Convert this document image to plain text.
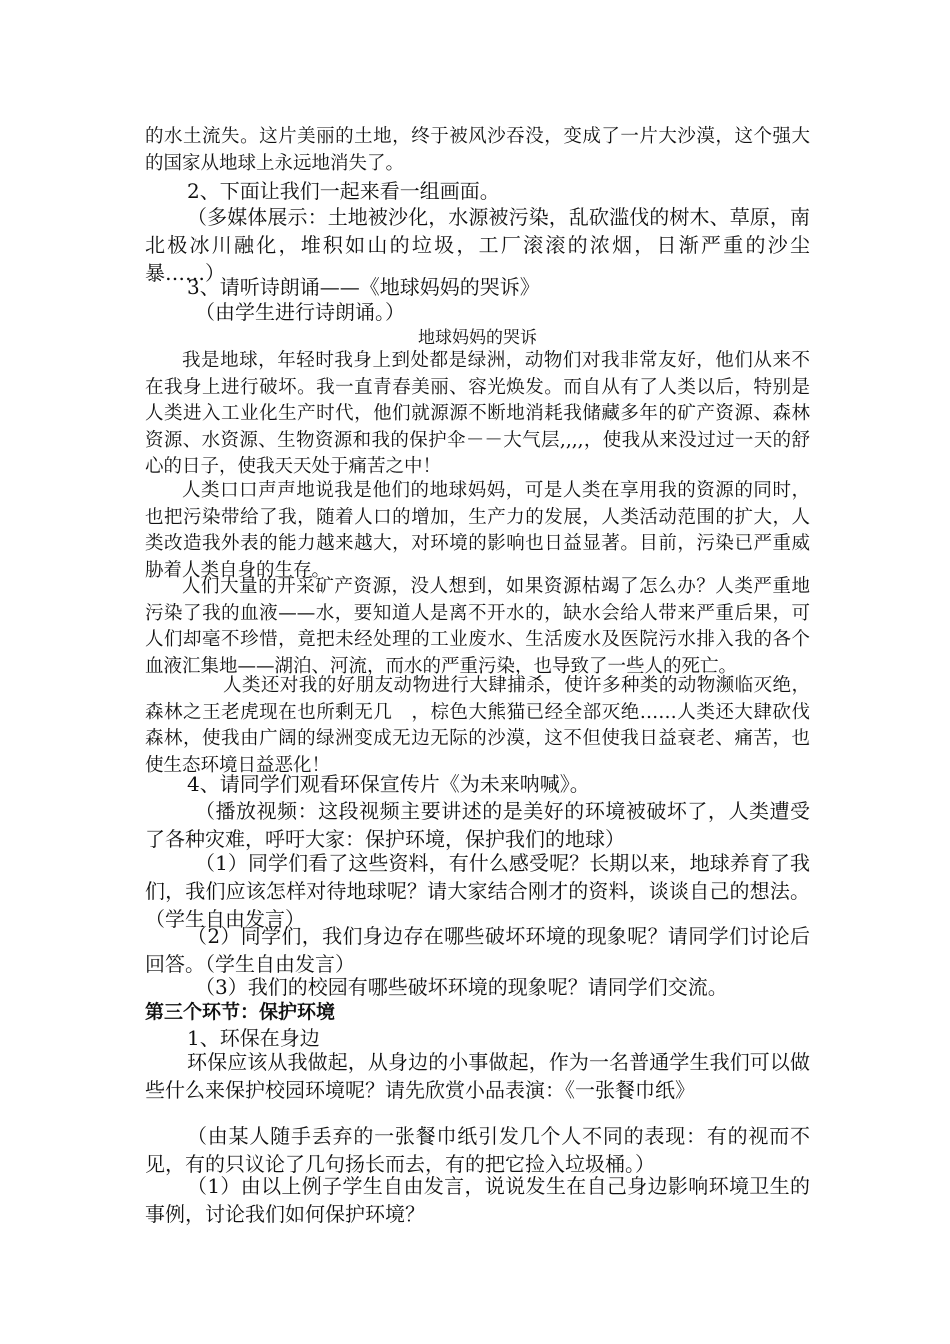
的水土流失。这片美丽的土地，终于被风沙吞没，变成了一片大沙漠，这个强大的国家从地球上永远地消失了。

2、下面让我们一起来看一组画面。

（多媒体展示：土地被沙化，水源被污染，乱砍滥伐的树木、草原，南北极冰川融化，堆积如山的垃圾，工厂滚滚的浓烟，日渐严重的沙尘暴……）

3、请听诗朗诵——《地球妈妈的哭诉》

（由学生进行诗朗诵。）

地球妈妈的哭诉

我是地球，年轻时我身上到处都是绿洲，动物们对我非常友好，他们从来不在我身上进行破坏。我一直青春美丽、容光焕发。而自从有了人类以后，特别是人类进入工业化生产时代，他们就源源不断地消耗我储藏多年的矿产资源、森林资源、水资源、生物资源和我的保护伞－－大气层,,,,，使我从来没过过一天的舒心的日子，使我天天处于痛苦之中！

人类口口声声地说我是他们的地球妈妈，可是人类在享用我的资源的同时，也把污染带给了我，随着人口的增加，生产力的发展，人类活动范围的扩大，人类改造我外表的能力越来越大，对环境的影响也日益显著。目前，污染已严重威胁着人类自身的生存。

人们大量的开采矿产资源，没人想到，如果资源枯竭了怎么办？人类严重地污染了我的血液——水，要知道人是离不开水的，缺水会给人带来严重后果，可人们却毫不珍惜，竟把未经处理的工业废水、生活废水及医院污水排入我的各个血液汇集地——湖泊、河流，而水的严重污染，也导致了一些人的死亡。

人类还对我的好朋友动物进行大肆捕杀，使许多种类的动物濒临灭绝，森林之王老虎现在也所剩无几　，棕色大熊猫已经全部灭绝……人类还大肆砍伐森林，使我由广阔的绿洲变成无边无际的沙漠，这不但使我日益衰老、痛苦，也使生态环境日益恶化！

4、请同学们观看环保宣传片《为未来呐喊》。

（播放视频：这段视频主要讲述的是美好的环境被破坏了，人类遭受了各种灾难，呼吁大家：保护环境，保护我们的地球）

（1）同学们看了这些资料，有什么感受呢？长期以来，地球养育了我们，我们应该怎样对待地球呢？请大家结合刚才的资料，谈谈自己的想法。（学生自由发言）

（2）同学们，我们身边存在哪些破坏环境的现象呢？请同学们讨论后回答。（学生自由发言）

（3）我们的校园有哪些破坏环境的现象呢？请同学们交流。

第三个环节：保护环境

1、环保在身边

环保应该从我做起，从身边的小事做起，作为一名普通学生我们可以做些什么来保护校园环境呢？请先欣赏小品表演：《一张餐巾纸》

（由某人随手丢弃的一张餐巾纸引发几个人不同的表现：有的视而不见，有的只议论了几句扬长而去，有的把它捡入垃圾桶。）

（1）由以上例子学生自由发言，说说发生在自己身边影响环境卫生的事例，讨论我们如何保护环境？
